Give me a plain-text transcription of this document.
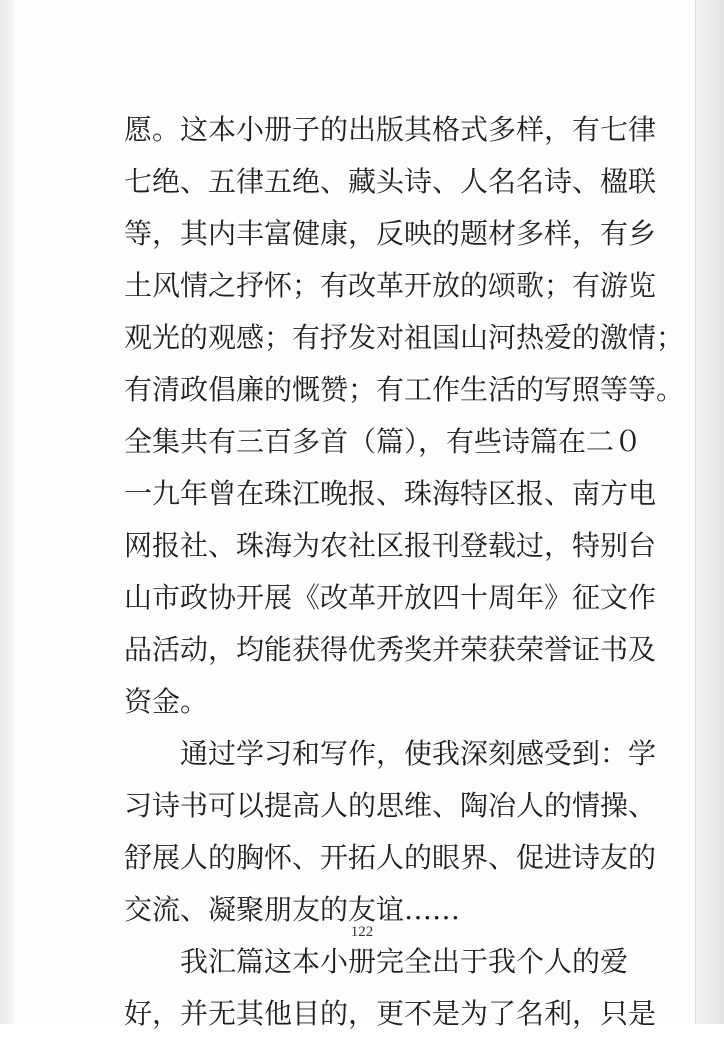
愿。这本小册子的出版其格式多样，有七律
七绝、五律五绝、藏头诗、人名名诗、楹联
等，其内丰富健康，反映的题材多样，有乡
土风情之抒怀；有改革开放的颂歌；有游览
观光的观感；有抒发对祖国山河热爱的激情；
有清政倡廉的慨赞；有工作生活的写照等等。
全集共有三百多首（篇），有些诗篇在二０
一九年曾在珠江晚报、珠海特区报、南方电
网报社、珠海为农社区报刊登载过，特别台
山市政协开展《改革开放四十周年》征文作
品活动，均能获得优秀奖并荣获荣誉证书及
资金。
通过学习和写作，使我深刻感受到：学
习诗书可以提高人的思维、陶冶人的情操、
舒展人的胸怀、开拓人的眼界、促进诗友的
交流、凝聚朋友的友谊……
我汇篇这本小册完全出于我个人的爱
好，并无其他目的，更不是为了名利，只是
122
